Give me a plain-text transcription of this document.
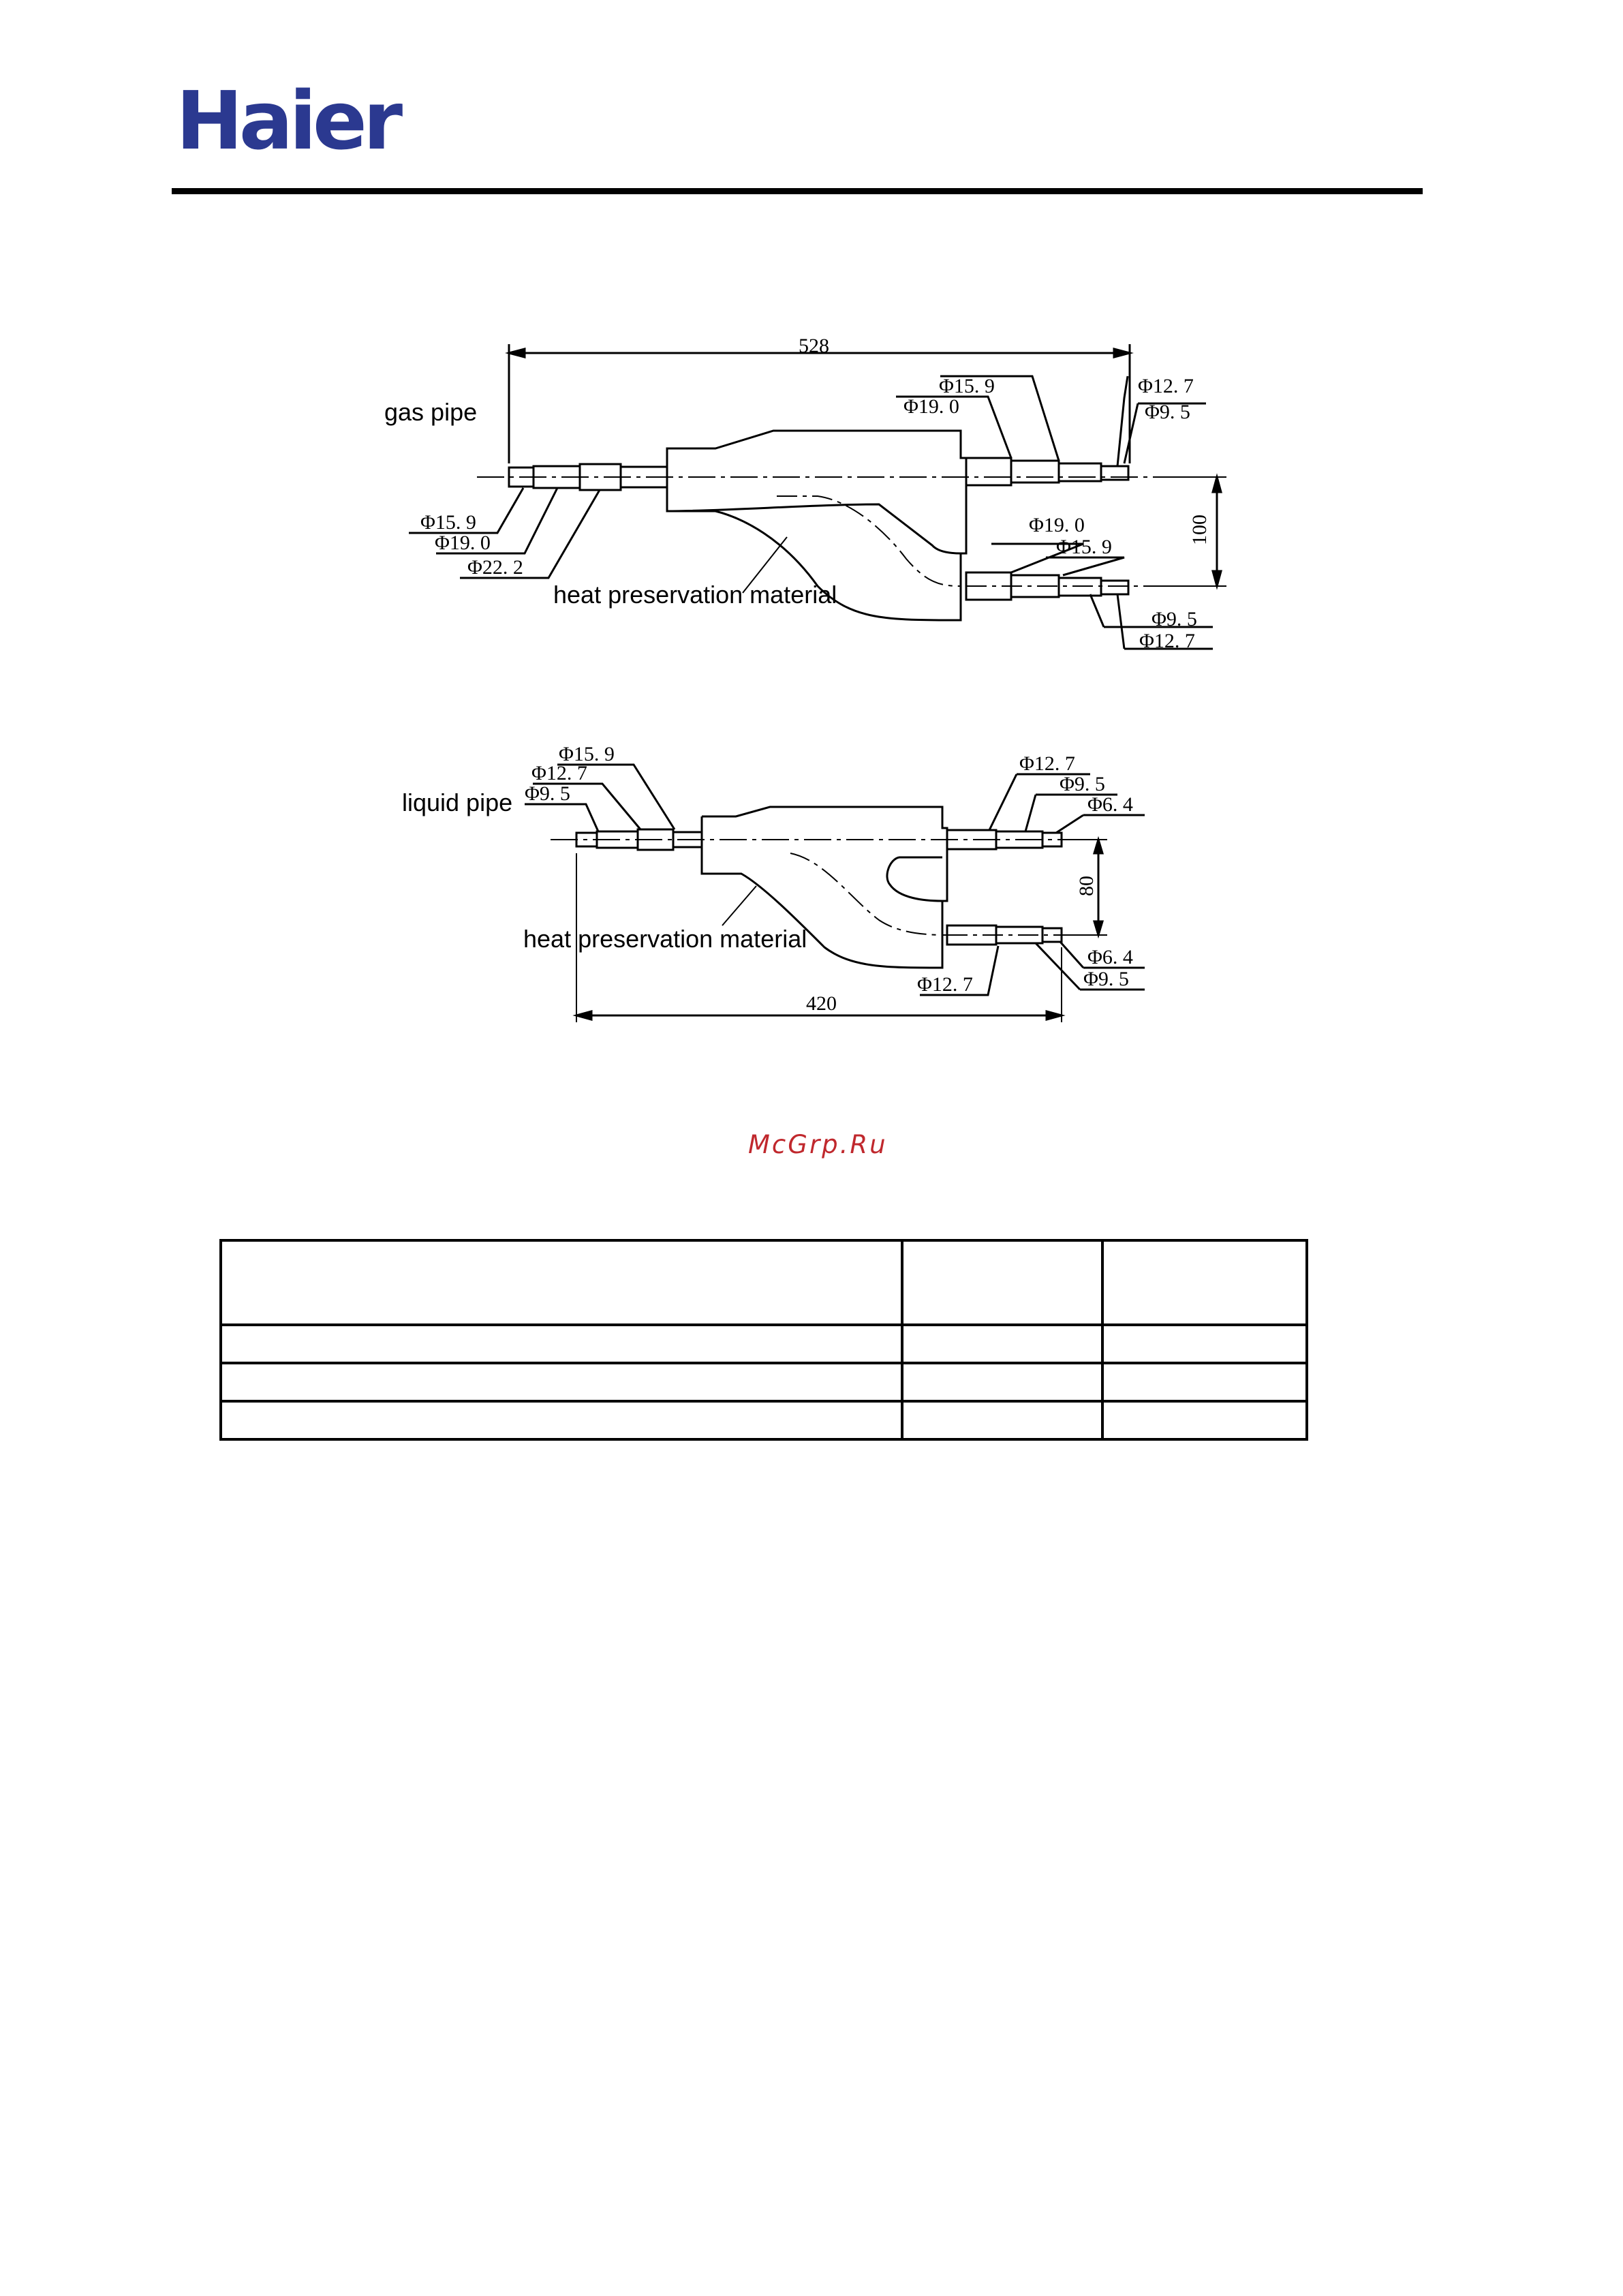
Haier
gas pipe
heat preservation material
528
100
Φ15. 9
Φ19. 0
Φ22. 2
Φ15. 9
Φ19. 0
Φ12. 7
Φ9. 5
Φ19. 0
Φ15. 9
Φ9. 5
Φ12. 7
liquid pipe
heat preservation material
420
80
Φ15. 9
Φ12. 7
Φ9. 5
Φ12. 7
Φ9. 5
Φ6. 4
Φ6. 4
Φ12. 7	Φ9. 5
McGrp.Ru
